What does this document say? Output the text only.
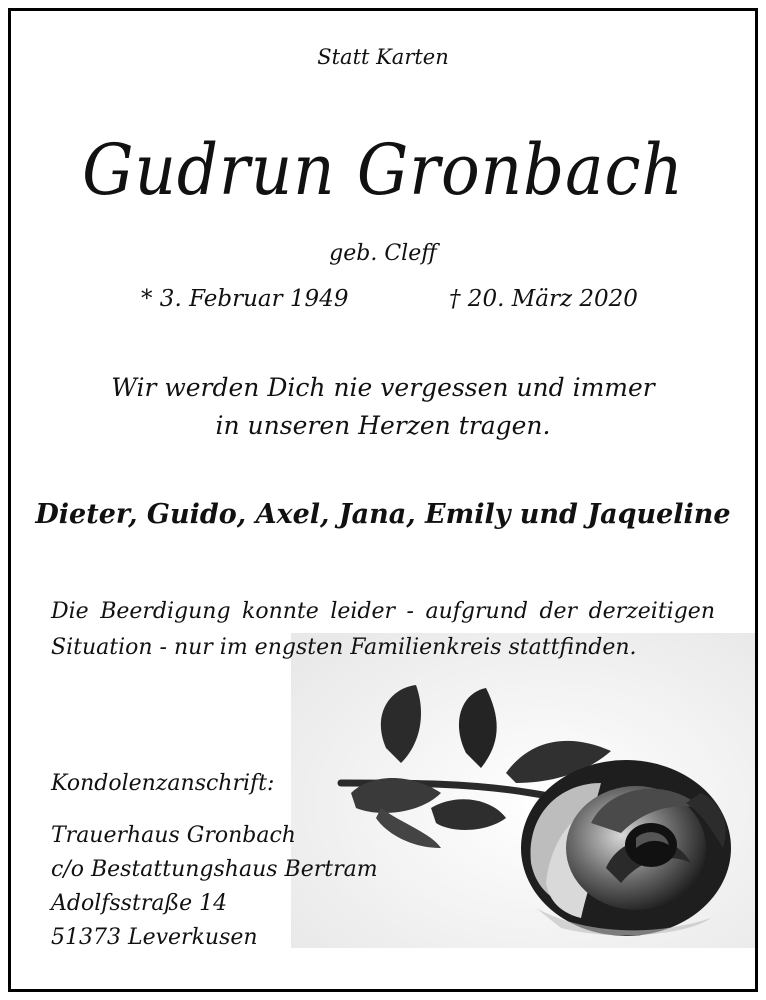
Statt Karten
Gudrun Gronbach
geb. Cleff
* 3. Februar 1949	† 20. März 2020
Wir werden Dich nie vergessen und immer
in unseren Herzen tragen.
Dieter, Guido, Axel, Jana, Emily und Jaqueline
Die Beerdigung konnte leider - aufgrund der derzeitigen
Situation - nur im engsten Familienkreis stattfinden.
Kondolenzanschrift:
Trauerhaus Gronbach
c/o Bestattungshaus Bertram
Adolfsstraße 14
51373 Leverkusen
